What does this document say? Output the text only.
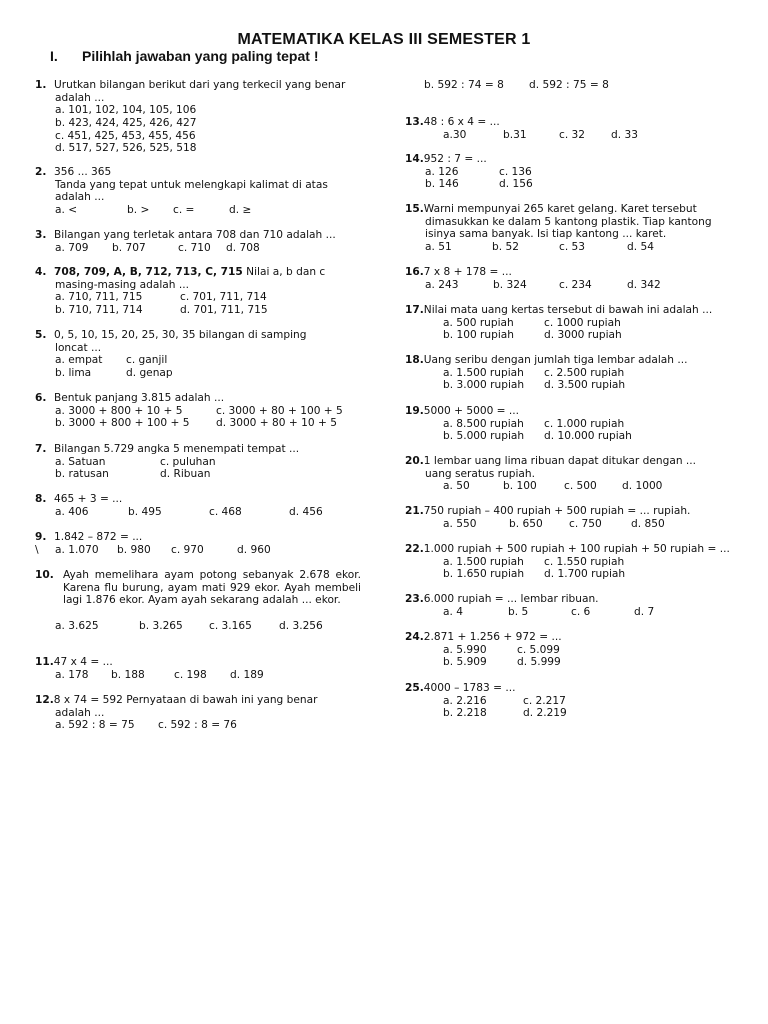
MATEMATIKA KELAS III SEMESTER 1
I. Pilihlah jawaban yang paling tepat !
1. Urutkan bilangan berikut dari yang terkecil yang benar
adalah ...
a. 101, 102, 104, 105, 106
b. 423, 424, 425, 426, 427
c. 451, 425, 453, 455, 456
d. 517, 527, 526, 525, 518
2. 356 ... 365
Tanda yang tepat untuk melengkapi kalimat di atas
adalah ...
a. <	b. > c. =	d. ≥
3. Bilangan yang terletak antara 708 dan 710 adalah ...
a. 709 b. 707	c. 710 d. 708
4. 708, 709, A, B, 712, 713, C, 715 Nilai a, b dan c
masing-masing adalah ...
a. 710, 711, 715	c. 701, 711, 714
b. 710, 711, 714	d. 701, 711, 715
5. 0, 5, 10, 15, 20, 25, 30, 35 bilangan di samping
loncat ...
a. empat c. ganjil
b. lima	d. genap
6. Bentuk panjang 3.815 adalah ...
a. 3000 + 800 + 10 + 5	c. 3000 + 80 + 100 + 5
b. 3000 + 800 + 100 + 5	d. 3000 + 80 + 10 + 5
7. Bilangan 5.729 angka 5 menempati tempat ...
a. Satuan	c. puluhan
b. ratusan	d. Ribuan
8. 465 + 3 = ...
a. 406	b. 495	c. 468	d. 456
9. 1.842 – 872 = ...
\ a. 1.070 b. 980 c. 970	d. 960
10. Ayah memelihara ayam potong sebanyak 2.678 ekor. Karena flu burung, ayam mati 929 ekor. Ayah membeli lagi 1.876 ekor. Ayam ayah sekarang adalah ... ekor.
a. 3.625	b. 3.265 c. 3.165	d. 3.256
11.47 x 4 = ...
a. 178 b. 188	c. 198 d. 189
12.8 x 74 = 592 Pernyataan di bawah ini yang benar
adalah ...
a. 592 : 8 = 75 c. 592 : 8 = 76
b. 592 : 74 = 8 d. 592 : 75 = 8
13.48 : 6 x 4 = ...
a.30	b.31	c. 32 d. 33
14.952 : 7 = ...
a. 126	c. 136
b. 146	d. 156
15.Warni mempunyai 265 karet gelang. Karet tersebut
dimasukkan ke dalam 5 kantong plastik. Tiap kantong
isinya sama banyak. Isi tiap kantong ... karet.
a. 51	b. 52	c. 53	d. 54
16.7 x 8 + 178 = ...
a. 243	b. 324	c. 234	d. 342
17.Nilai mata uang kertas tersebut di bawah ini adalah ...
a. 500 rupiah	c. 1000 rupiah
b. 100 rupiah	d. 3000 rupiah
18.Uang seribu dengan jumlah tiga lembar adalah ...
a. 1.500 rupiah c. 2.500 rupiah
b. 3.000 rupiah d. 3.500 rupiah
19.5000 + 5000 = ...
a. 8.500 rupiah c. 1.000 rupiah
b. 5.000 rupiah d. 10.000 rupiah
20.1 lembar uang lima ribuan dapat ditukar dengan ...
uang seratus rupiah.
a. 50	b. 100	c. 500 d. 1000
21.750 rupiah – 400 rupiah + 500 rupiah = ... rupiah.
a. 550	b. 650 c. 750	d. 850
22.1.000 rupiah + 500 rupiah + 100 rupiah + 50 rupiah = ...
a. 1.500 rupiah c. 1.550 rupiah
b. 1.650 rupiah d. 1.700 rupiah
23.6.000 rupiah = ... lembar ribuan.
a. 4	b. 5	c. 6	d. 7
24.2.871 + 1.256 + 972 = ...
a. 5.990	c. 5.099
b. 5.909	d. 5.999
25.4000 – 1783 = ...
a. 2.216	c. 2.217
b. 2.218	d. 2.219
